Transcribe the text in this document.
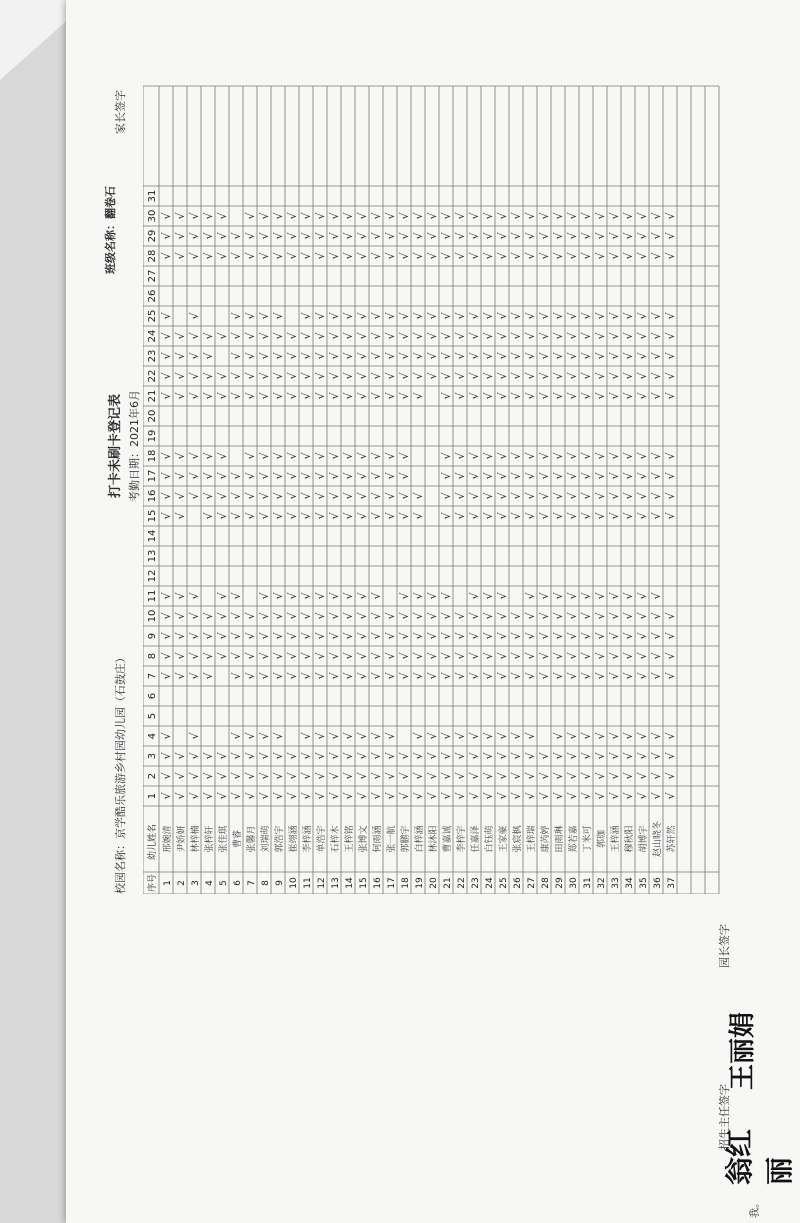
校园名称：京学酷乐旅游乡村园幼儿园（石鼓庄）
打卡未刷卡登记表
班级名称：翻卷石
家长签字
考勤日期：2021年6月
序号
幼儿姓名
1
2
3
4
5
6
7
8
9
10
11
12
13
14
15
16
17
18
19
20
21
22
23
24
25
26
27
28
29
30
31
1
邢婉清
√
√
√
√
√
√
√
√
√
√
√
√
√
√
√
√
√
√
√
√
√
2
尹娇妍
√
√
√
√
√
√
√
√
√
√
√
√
√
√
√
√
√
√
√
3
林梓楠
√
√
√
√
√
√
√
√
√
√
√
√
√
√
√
√
√
√
√
√
4
张梓轩
√
√
√
√
√
√
√
√
√
√
√
√
√
√
√
√
√
√
5
张佳琪
√
√
√
√
√
√
√
√
√
√
√
√
√
√
√
√
√
6
曹睿
√
√
√
√
√
√
√
√
√
√
√
√
√
√
√
√
√
√
√
7
张馨月
√
√
√
√
√
√
√
√
√
√
√
√
√
√
√
√
√
√
√
√
8
刘瑞萌
√
√
√
√
√
√
√
√
√
√
√
√
√
√
√
√
√
√
√
√
√
9
郭浩宇
√
√
√
√
√
√
√
√
√
√
√
√
√
√
√
√
√
√
√
√
√
10
崔翊涵
√
√
√
√
√
√
√
√
√
√
√
√
√
√
√
√
√
√
√
11
李梓涵
√
√
√
√
√
√
√
√
√
√
√
√
√
√
√
√
√
√
√
√
√
12
单浩宇
√
√
√
√
√
√
√
√
√
√
√
√
√
√
√
√
√
√
√
√
√
13
石梓木
√
√
√
√
√
√
√
√
√
√
√
√
√
√
√
√
√
√
√
√
√
14
王梓铭
√
√
√
√
√
√
√
√
√
√
√
√
√
√
√
√
√
√
√
√
√
15
张博文
√
√
√
√
√
√
√
√
√
√
√
√
√
√
√
√
√
√
√
√
√
16
何雨涵
√
√
√
√
√
√
√
√
√
√
√
√
√
√
√
√
√
√
√
√
√
17
张一航
√
√
√
√
√
√
√
√
√
√
√
√
√
√
√
√
√
√
√
√
18
郭鹏宇
√
√
√
√
√
√
√
√
√
√
√
√
√
√
√
√
√
√
√
√
19
白梓涵
√
√
√
√
√
√
√
√
√
√
√
√
√
√
√
√
√
√
√
20
林沐阳
√
√
√
√
√
√
√
√
√
√
√
√
√
√
√
√
21
曹嘉诚
√
√
√
√
√
√
√
√
√
√
√
√
√
√
√
√
√
√
√
√
√
22
李梓宇
√
√
√
√
√
√
√
√
√
√
√
√
√
√
√
√
√
√
√
√
23
任嘉泽
√
√
√
√
√
√
√
√
√
√
√
√
√
√
√
√
√
√
√
√
√
24
白钰萌
√
√
√
√
√
√
√
√
√
√
√
√
√
√
√
√
√
√
√
√
√
25
王家豪
√
√
√
√
√
√
√
√
√
√
√
√
√
√
√
√
√
√
√
√
√
26
张宸枫
√
√
√
√
√
√
√
√
√
√
√
√
√
√
√
√
√
√
√
√
27
王梓瑞
√
√
√
√
√
√
√
√
√
√
√
√
√
√
√
√
√
√
√
√
√
28
康芮婷
√
√
√
√
√
√
√
√
√
√
√
√
√
√
√
√
√
√
√
√
29
田雨琳
√
√
√
√
√
√
√
√
√
√
√
√
√
√
√
√
√
√
√
√
√
30
郑若嘉
√
√
√
√
√
√
√
√
√
√
√
√
√
√
√
√
√
√
√
√
√
31
丁米可
√
√
√
√
√
√
√
√
√
√
√
√
√
√
√
√
√
√
√
√
√
32
郭珈
√
√
√
√
√
√
√
√
√
√
√
√
√
√
√
√
√
√
√
√
√
33
王梓涵
√
√
√
√
√
√
√
√
√
√
√
√
√
√
√
√
√
√
√
√
√
34
穆秋阳
√
√
√
√
√
√
√
√
√
√
√
√
√
√
√
√
√
√
√
√
√
35
胡博宇
√
√
√
√
√
√
√
√
√
√
√
√
√
√
√
√
√
√
√
√
√
36
赵山晓冬
√
√
√
√
√
√
√
√
√
√
√
√
√
√
√
√
√
√
√
√
√
37
苏轩然
√
√
√
√
√
√
√
√
√
√
√
√
√
√
√
√
√
√
√
√
园长签字
王丽娟
招生主任签字
翁红丽
我。
